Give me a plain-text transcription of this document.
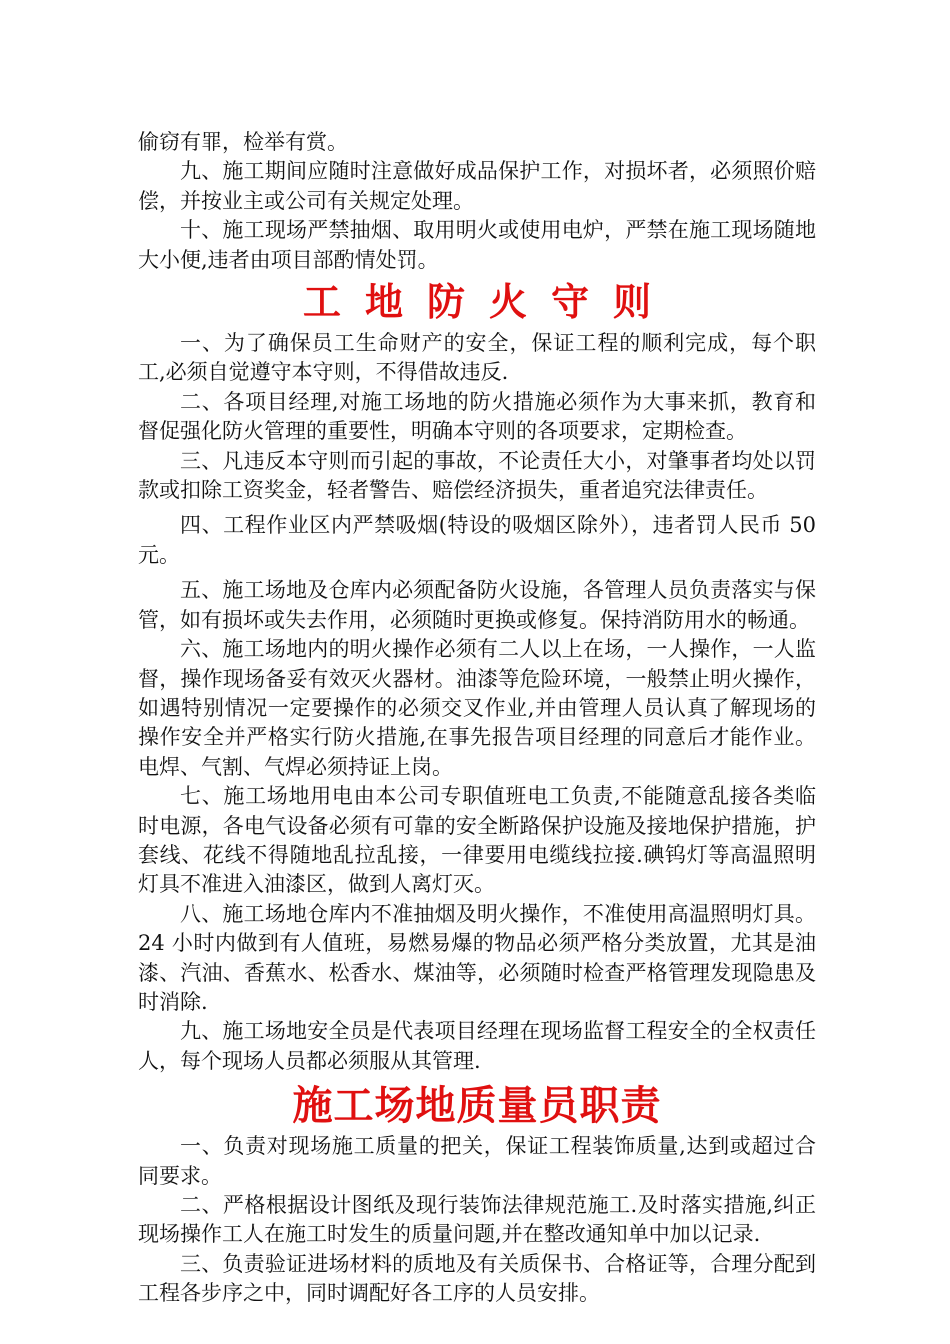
偷窃有罪，检举有赏。

九、施工期间应随时注意做好成品保护工作，对损坏者，必须照价赔偿，并按业主或公司有关规定处理。

十、施工现场严禁抽烟、取用明火或使用电炉，严禁在施工现场随地大小便,违者由项目部酌情处罚。

工地防火守则

一、为了确保员工生命财产的安全，保证工程的顺利完成，每个职工,必须自觉遵守本守则，不得借故违反.

二、各项目经理,对施工场地的防火措施必须作为大事来抓，教育和督促强化防火管理的重要性，明确本守则的各项要求，定期检查。

三、凡违反本守则而引起的事故，不论责任大小，对肇事者均处以罚款或扣除工资奖金，轻者警告、赔偿经济损失，重者追究法律责任。

四、工程作业区内严禁吸烟(特设的吸烟区除外），违者罚人民币 50 元。

五、施工场地及仓库内必须配备防火设施，各管理人员负责落实与保管，如有损坏或失去作用，必须随时更换或修复。保持消防用水的畅通。

六、施工场地内的明火操作必须有二人以上在场，一人操作，一人监督，操作现场备妥有效灭火器材。油漆等危险环境，一般禁止明火操作，如遇特别情况一定要操作的必须交叉作业,并由管理人员认真了解现场的操作安全并严格实行防火措施,在事先报告项目经理的同意后才能作业。电焊、气割、气焊必须持证上岗。

七、施工场地用电由本公司专职值班电工负责,不能随意乱接各类临时电源，各电气设备必须有可靠的安全断路保护设施及接地保护措施，护套线、花线不得随地乱拉乱接，一律要用电缆线拉接.碘钨灯等高温照明灯具不准进入油漆区，做到人离灯灭。

八、施工场地仓库内不准抽烟及明火操作，不准使用高温照明灯具。24 小时内做到有人值班，易燃易爆的物品必须严格分类放置，尤其是油漆、汽油、香蕉水、松香水、煤油等，必须随时检查严格管理发现隐患及时消除.

九、施工场地安全员是代表项目经理在现场监督工程安全的全权责任人，每个现场人员都必须服从其管理.

施工场地质量员职责

一、负责对现场施工质量的把关，保证工程装饰质量,达到或超过合同要求。

二、严格根据设计图纸及现行装饰法律规范施工.及时落实措施,纠正现场操作工人在施工时发生的质量问题,并在整改通知单中加以记录.

三、负责验证进场材料的质地及有关质保书、合格证等，合理分配到工程各步序之中，同时调配好各工序的人员安排。
